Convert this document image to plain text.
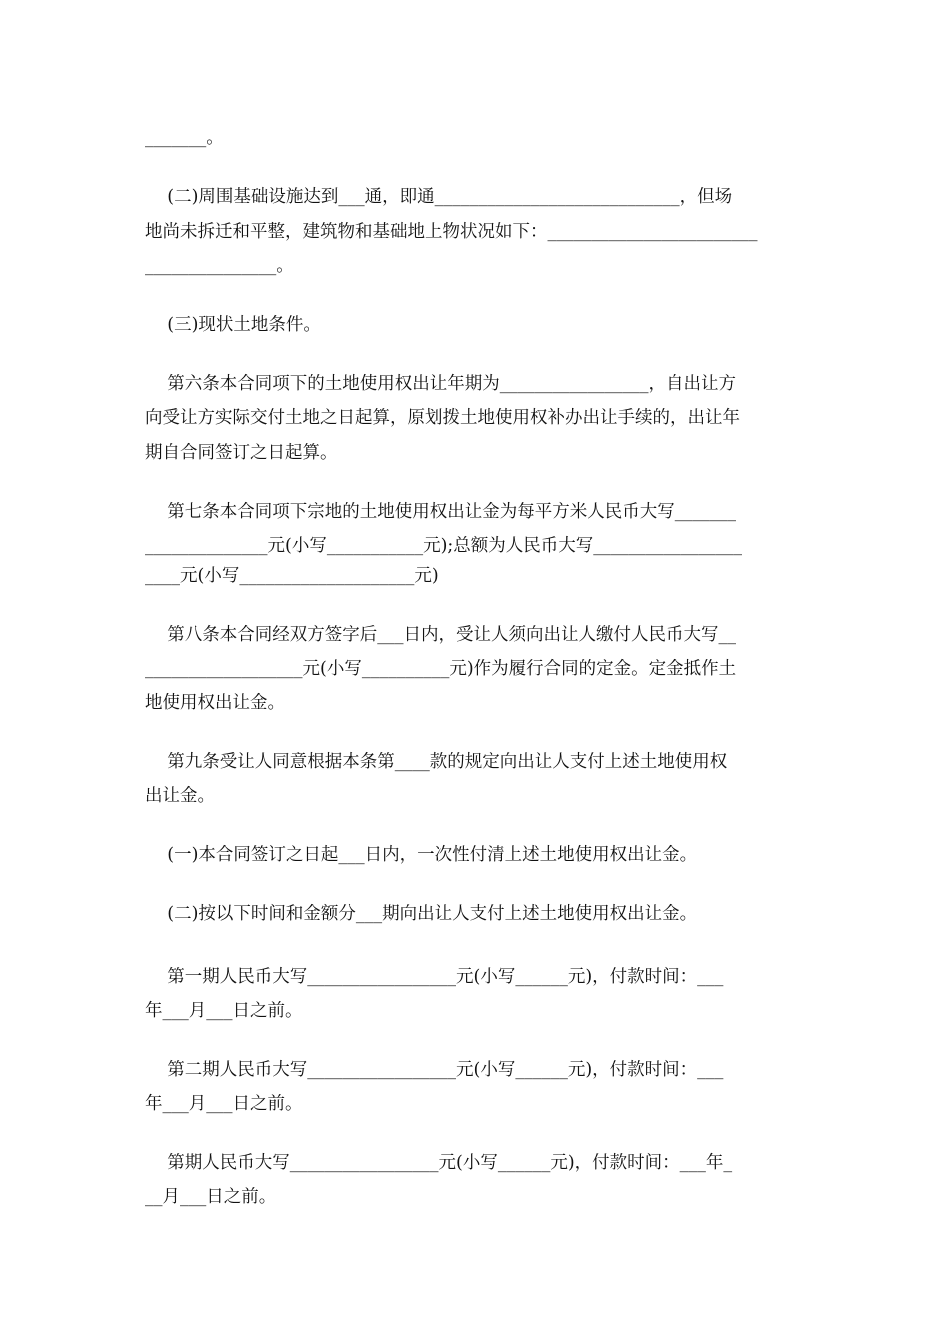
_______。
(二)周围基础设施达到___通，即通____________________________，但场
地尚未拆迁和平整，建筑物和基础地上物状况如下：________________________
_______________。
(三)现状土地条件。
第六条本合同项下的土地使用权出让年期为_________________，自出让方
向受让方实际交付土地之日起算，原划拨土地使用权补办出让手续的，出让年
期自合同签订之日起算。
第七条本合同项下宗地的土地使用权出让金为每平方米人民币大写_______
______________元(小写___________元);总额为人民币大写_________________
____元(小写____________________元)
第八条本合同经双方签字后___日内，受让人须向出让人缴付人民币大写__
__________________元(小写__________元)作为履行合同的定金。定金抵作土
地使用权出让金。
第九条受让人同意根据本条第____款的规定向出让人支付上述土地使用权
出让金。
(一)本合同签订之日起___日内，一次性付清上述土地使用权出让金。
(二)按以下时间和金额分___期向出让人支付上述土地使用权出让金。
第一期人民币大写_________________元(小写______元)，付款时间：___
年___月___日之前。
第二期人民币大写_________________元(小写______元)，付款时间：___
年___月___日之前。
第期人民币大写_________________元(小写______元)，付款时间：___年_
__月___日之前。
